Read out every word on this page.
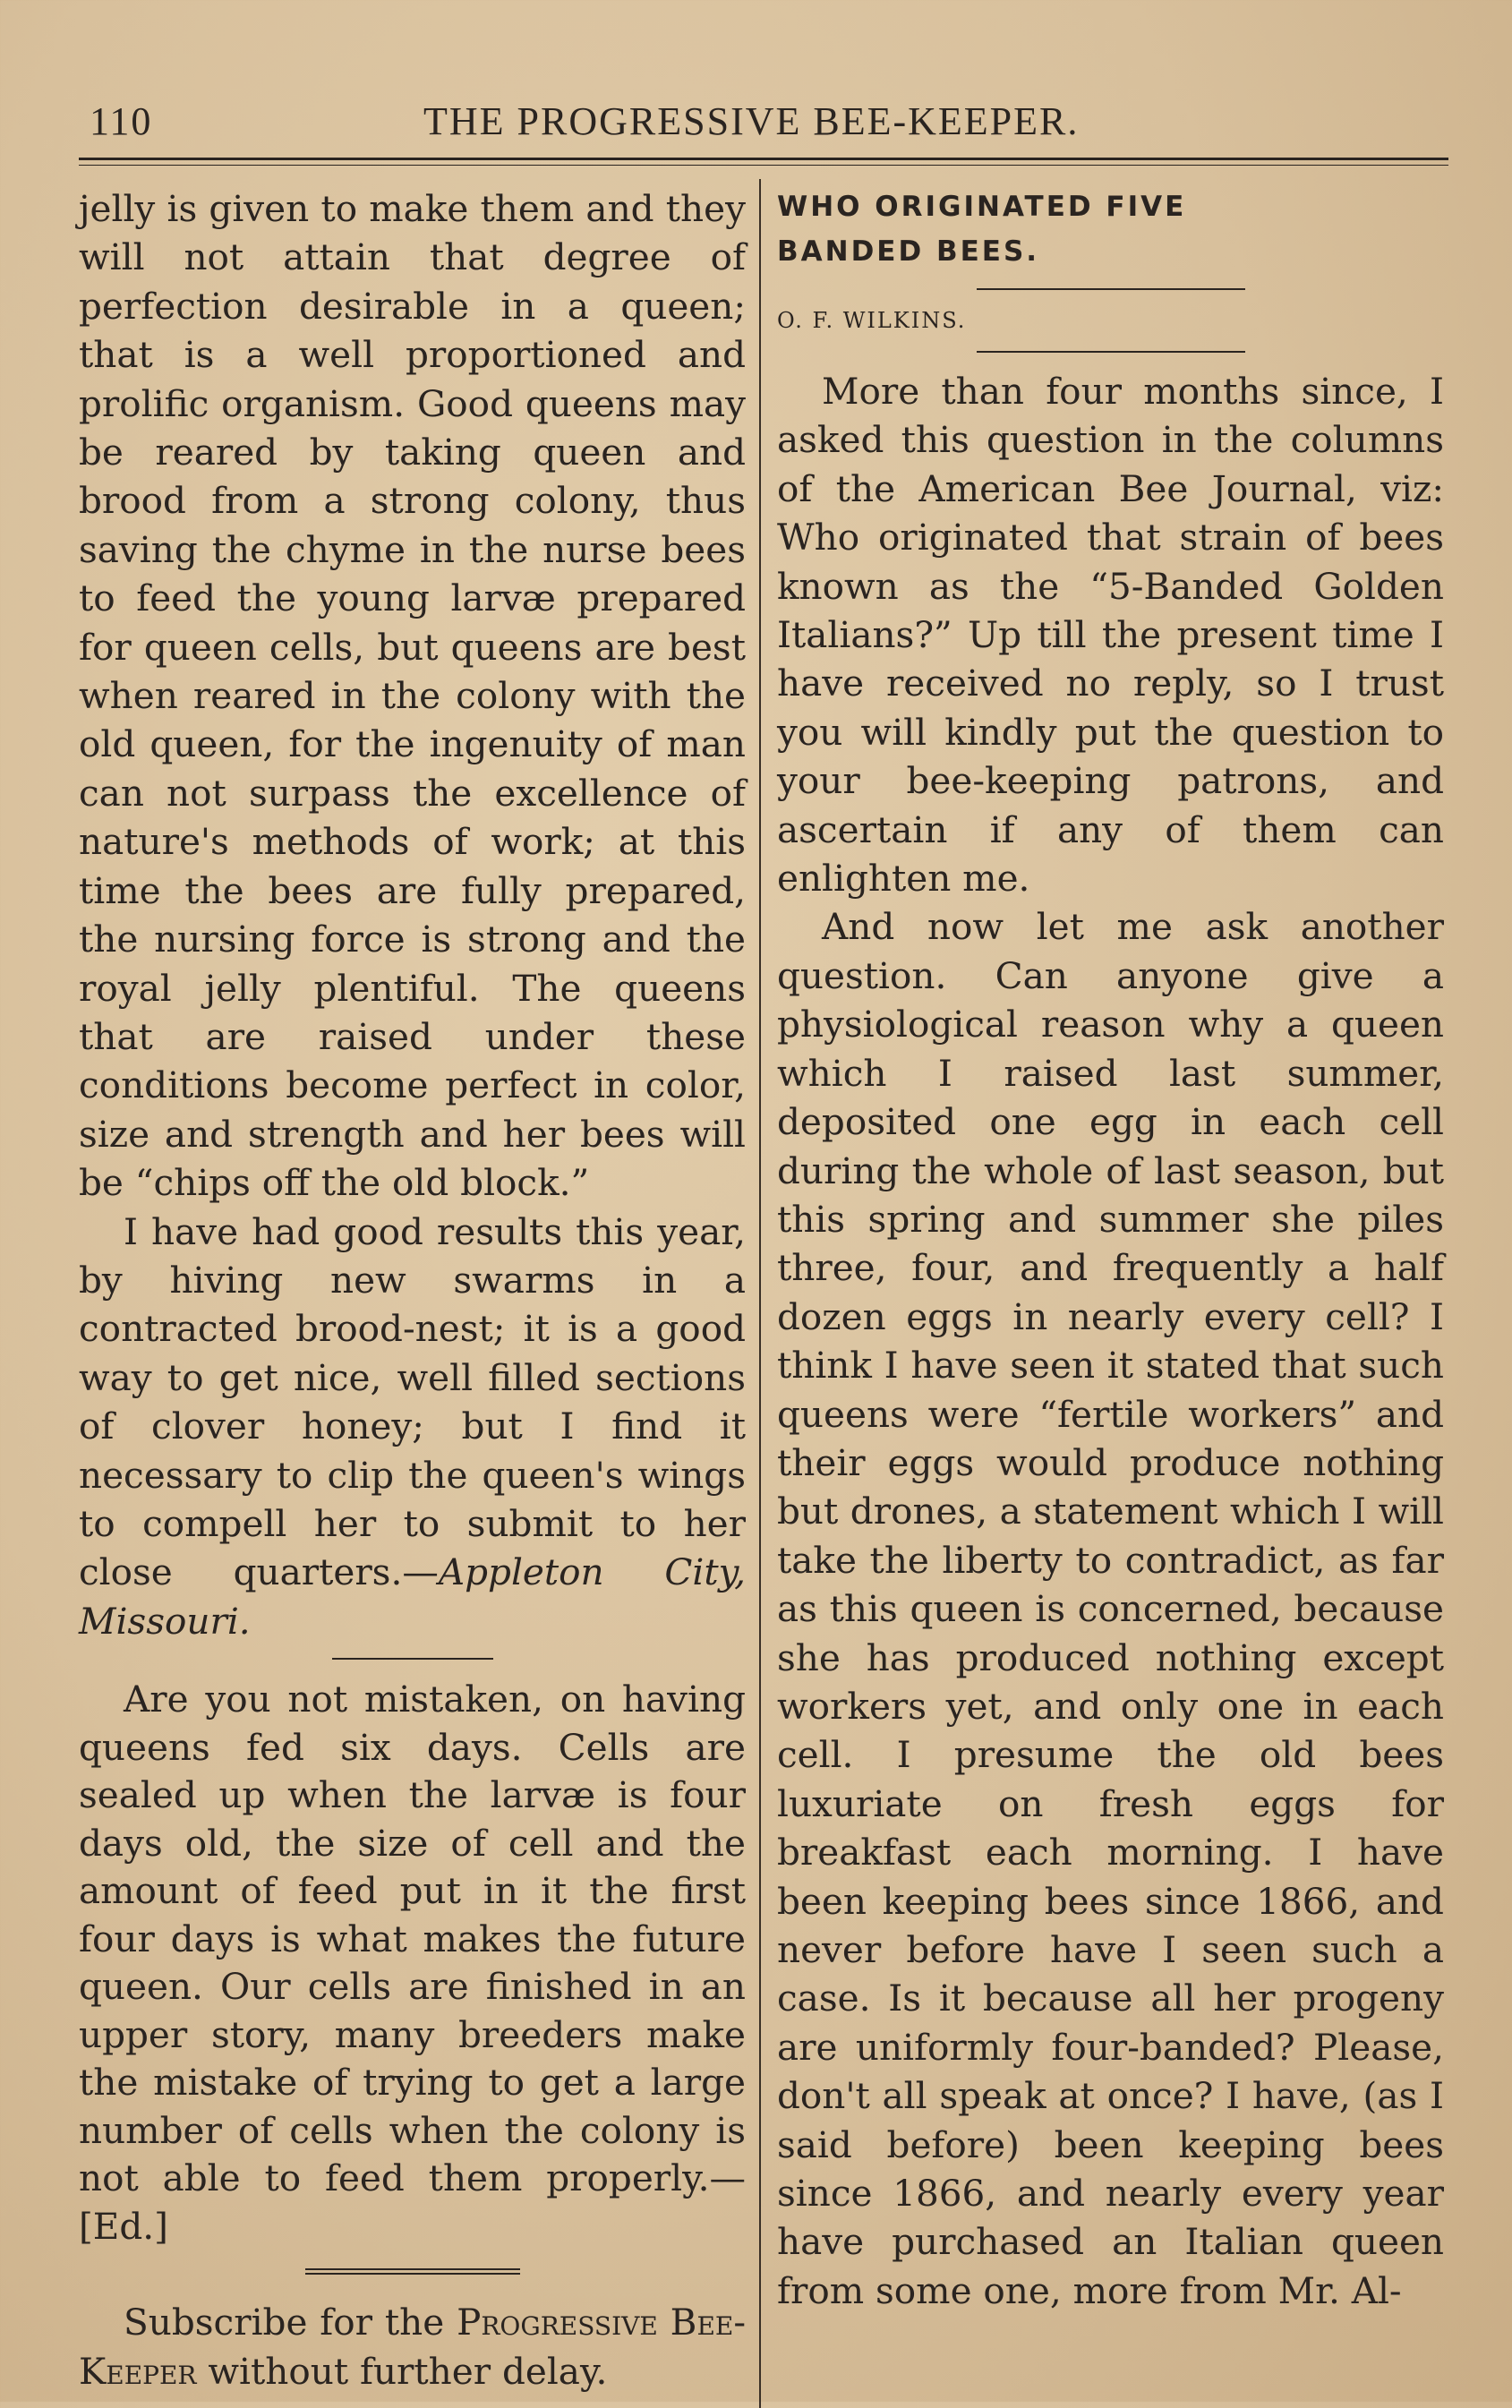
110	THE PROGRESSIVE BEE-KEEPER.

jelly is given to make them and they will not attain that degree of perfection desirable in a queen; that is a well proportioned and prolific organism. Good queens may be reared by taking queen and brood from a strong colony, thus saving the chyme in the nurse bees to feed the young larvæ prepared for queen cells, but queens are best when reared in the colony with the old queen, for the ingenuity of man can not surpass the excellence of nature's methods of work; at this time the bees are fully prepared, the nursing force is strong and the royal jelly plentiful. The queens that are raised under these conditions become perfect in color, size and strength and her bees will be “chips off the old block.”

I have had good results this year, by hiving new swarms in a contracted brood-nest; it is a good way to get nice, well filled sections of clover honey; but I find it necessary to clip the queen's wings to compell her to submit to her close quarters.—Appleton City, Missouri.

Are you not mistaken, on having queens fed six days. Cells are sealed up when the larvæ is four days old, the size of cell and the amount of feed put in it the first four days is what makes the future queen. Our cells are finished in an upper story, many breeders make the mistake of trying to get a large number of cells when the colony is not able to feed them properly.—[Ed.]

Subscribe for the Progressive Bee-Keeper without further delay.

WHO ORIGINATED FIVE

BANDED BEES.

O. F. WILKINS.

More than four months since, I asked this question in the columns of the American Bee Journal, viz: Who originated that strain of bees known as the “5-Banded Golden Italians?” Up till the present time I have received no reply, so I trust you will kindly put the question to your bee-keeping patrons, and ascertain if any of them can enlighten me.

And now let me ask another question. Can anyone give a physiological reason why a queen which I raised last summer, deposited one egg in each cell during the whole of last season, but this spring and summer she piles three, four, and frequently a half dozen eggs in nearly every cell? I think I have seen it stated that such queens were “fertile workers” and their eggs would produce nothing but drones, a statement which I will take the liberty to contradict, as far as this queen is concerned, because she has produced nothing except workers yet, and only one in each cell. I presume the old bees luxuriate on fresh eggs for breakfast each morning. I have been keeping bees since 1866, and never before have I seen such a case. Is it because all her progeny are uniformly four-banded? Please, don't all speak at once? I have, (as I said before) been keeping bees since 1866, and nearly every year have purchased an Italian queen from some one, more from Mr. Al-
